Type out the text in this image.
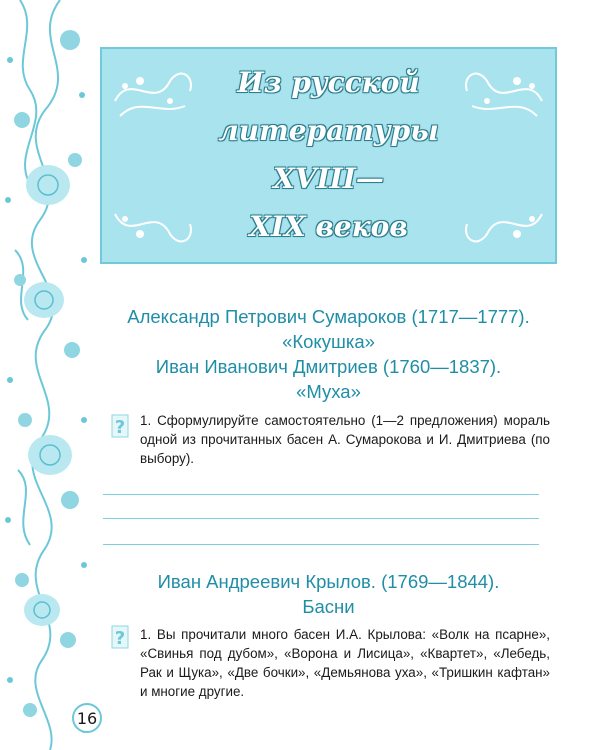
16
Из русской
литературы
XVIII—
XIX веков
Александр Петрович Сумароков (1717—1777).
«Кокушка»
Иван Иванович Дмитриев (1760—1837).
«Муха»
? 1. Сформулируйте самостоятельно (1—2 предложения) мораль одной из прочитанных басен А. Сумарокова и И. Дмитриева (по выбору).
Иван Андреевич Крылов. (1769—1844).
Басни
? 1. Вы прочитали много басен И.А. Крылова: «Волк на псарне», «Свинья под дубом», «Ворона и Лисица», «Квартет», «Лебедь, Рак и Щука», «Две бочки», «Демьянова уха», «Тришкин кафтан» и многие другие.
